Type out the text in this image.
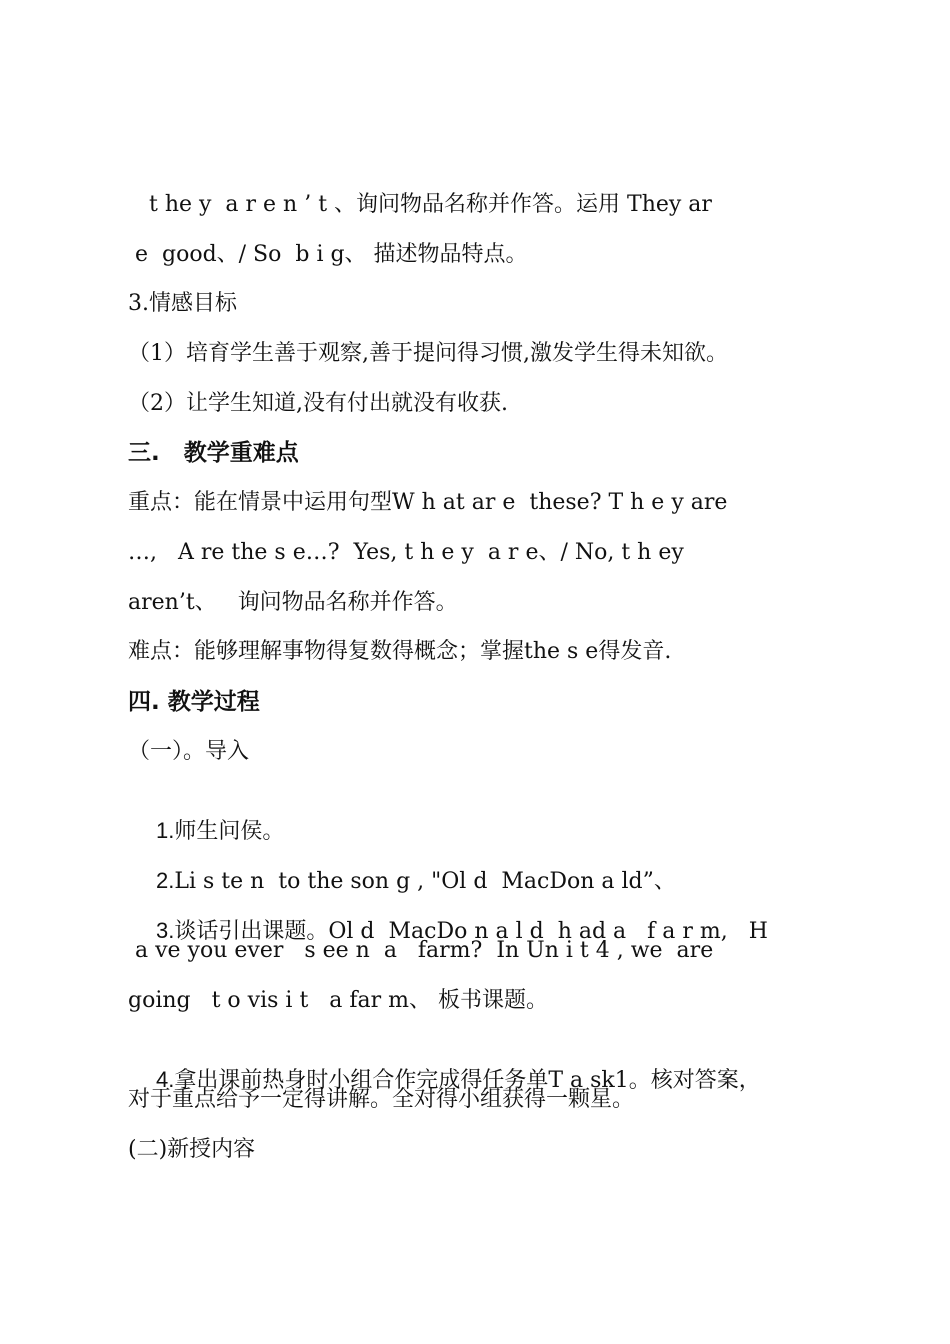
t he y  a r e n ’ t 、询问物品名称并作答。运用 They ar
e  good、/ So  b i g、 描述物品特点。
3.情感目标
（1）培育学生善于观察,善于提问得习惯,激发学生得未知欲。
（2）让学生知道,没有付出就没有收获.
三.   教学重难点
重点：能在情景中运用句型W h at ar e  these? T h e y are
…,   A re the s e…?  Yes, t h e y  a r e、/ No, t h ey
aren’t、   询问物品名称并作答。
难点：能够理解事物得复数得概念；掌握the s e得发音.
四. 教学过程
（一）。导入

1.师生问侯。

2.Li s te n  to the son g , "Ol d  MacDon a ld”、

3.谈话引出课题。Ol d  MacDo n a l d  h ad a   f a r m,   H

a ve you ever   s ee n  a   farm?  In Un i t 4 , we  are
going   t o vis i t   a far m、 板书课题。

4.拿出课前热身时小组合作完成得任务单T a sk1。核对答案，

对于重点给予一定得讲解。全对得小组获得一颗星。
(二)新授内容
